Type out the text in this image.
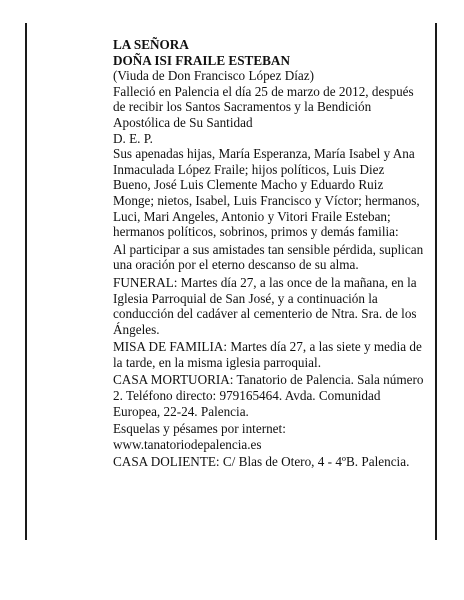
LA SEÑORA

DOÑA ISI FRAILE ESTEBAN

(Viuda de Don Francisco López Díaz)

Falleció en Palencia el día 25 de marzo de 2012, después de recibir los Santos Sacramentos y la Bendición Apostólica de Su Santidad

D. E. P.

Sus apenadas hijas, María Esperanza, María Isabel y Ana Inmaculada López Fraile; hijos políticos, Luis Diez Bueno, José Luis Clemente Macho y Eduardo Ruiz Monge; nietos, Isabel, Luis Francisco y Víctor; hermanos, Luci, Mari Angeles, Antonio y Vitori Fraile Esteban; hermanos políticos, sobrinos, primos y demás familia:

Al participar a sus amistades tan sensible pérdida, suplican una oración por el eterno descanso de su alma.

FUNERAL: Martes día 27, a las once de la mañana, en la Iglesia Parroquial de San José, y a continuación la conducción del cadáver al cementerio de Ntra. Sra. de los Ángeles.

MISA DE FAMILIA: Martes día 27, a las siete y media de la tarde, en la misma iglesia parroquial.

CASA MORTUORIA: Tanatorio de Palencia. Sala número 2. Teléfono directo: 979165464. Avda. Comunidad Europea, 22-24. Palencia.

Esquelas y pésames por internet:

www.tanatoriodepalencia.es

CASA DOLIENTE: C/ Blas de Otero, 4 - 4ºB. Palencia.
